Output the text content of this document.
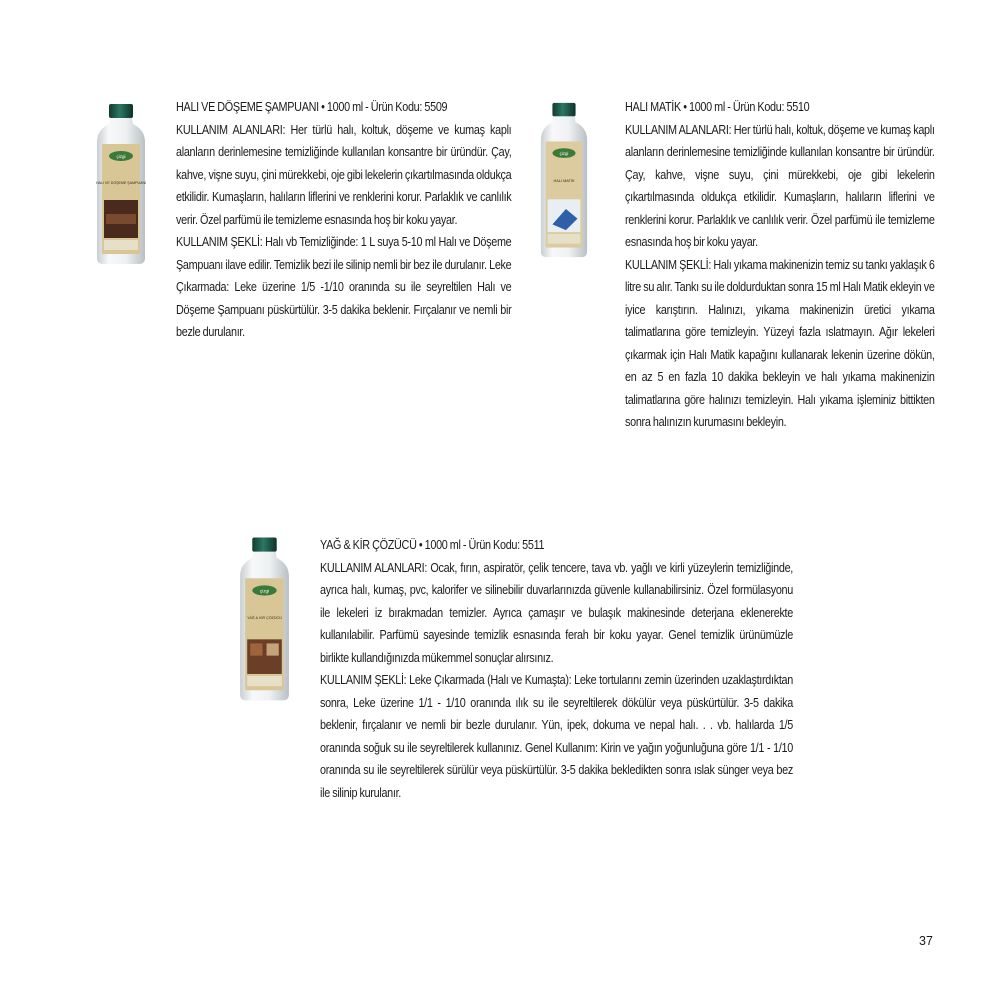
çizgi
HALI VE DÖŞEME ŞAMPUANI

HALI VE DÖŞEME ŞAMPUANI • 1000 ml - Ürün Kodu: 5509

KULLANIM ALANLARI: Her türlü halı, koltuk, döşeme ve kumaş kaplı alanların derinlemesine temizliğinde kullanılan konsantre bir üründür. Çay, kahve, vişne suyu, çini mürekkebi, oje gibi lekelerin çıkartılmasında oldukça etkilidir. Kumaşların, halıların liflerini ve renklerini korur. Parlaklık ve canlılık verir. Özel parfümü ile temizleme esnasında hoş bir koku yayar.

KULLANIM ŞEKLİ: Halı vb Temizliğinde: 1 L suya 5-10 ml Halı ve Döşeme Şampuanı ilave edilir. Temizlik bezi ile silinip nemli bir bez ile durulanır. Leke Çıkarmada: Leke üzerine 1/5 -1/10 oranında su ile seyreltilen Halı ve Döşeme Şampuanı püskürtülür. 3-5 dakika beklenir. Fırçalanır ve nemli bir bezle durulanır.

çizgi
HALI MATİK

HALI MATİK • 1000 ml - Ürün Kodu: 5510

KULLANIM ALANLARI: Her türlü halı, koltuk, döşeme ve kumaş kaplı alanların derinlemesine temizliğinde kullanılan konsantre bir üründür. Çay, kahve, vişne suyu, çini mürekkebi, oje gibi lekelerin çıkartılmasında oldukça etkilidir. Kumaşların, halıların liflerini ve renklerini korur. Parlaklık ve canlılık verir. Özel parfümü ile temizleme esnasında hoş bir koku yayar.

KULLANIM ŞEKLİ: Halı yıkama makinenizin temiz su tankı yaklaşık 6 litre su alır. Tankı su ile doldurduktan sonra 15 ml Halı Matik ekleyin ve iyice karıştırın. Halınızı, yıkama makinenizin üretici yıkama talimatlarına göre temizleyin. Yüzeyi fazla ıslatmayın. Ağır lekeleri çıkarmak için Halı Matik kapağını kullanarak lekenin üzerine dökün, en az 5 en fazla 10 dakika bekleyin ve halı yıkama makinenizin talimatlarına göre halınızı temizleyin. Halı yıkama işleminiz bittikten sonra halınızın kurumasını bekleyin.

çizgi
YAĞ & KİR ÇÖZÜCÜ

YAĞ & KİR ÇÖZÜCÜ • 1000 ml - Ürün Kodu: 5511

KULLANIM ALANLARI: Ocak, fırın, aspiratör, çelik tencere, tava vb. yağlı ve kirli yüzeylerin temizliğinde, ayrıca halı, kumaş, pvc, kalorifer ve silinebilir duvarlarınızda güvenle kullanabilirsiniz. Özel formülasyonu ile lekeleri iz bırakmadan temizler. Ayrıca çamaşır ve bulaşık makinesinde deterjana eklenerekte kullanılabilir. Parfümü sayesinde temizlik esnasında ferah bir koku yayar. Genel temizlik ürünümüzle birlikte kullandığınızda mükemmel sonuçlar alırsınız.

KULLANIM ŞEKLİ: Leke Çıkarmada (Halı ve Kumaşta): Leke tortularını zemin üzerinden uzaklaştırdıktan sonra, Leke üzerine 1/1 - 1/10 oranında ılık su ile seyreltilerek dökülür veya püskürtülür. 3-5 dakika beklenir, fırçalanır ve nemli bir bezle durulanır. Yün, ipek, dokuma ve nepal halı. . . vb. halılarda 1/5 oranında soğuk su ile seyreltilerek kullanınız. Genel Kullanım: Kirin ve yağın yoğunluğuna göre 1/1 - 1/10 oranında su ile seyreltilerek sürülür veya püskürtülür. 3-5 dakika bekledikten sonra ıslak sünger veya bez ile silinip kurulanır.

37
